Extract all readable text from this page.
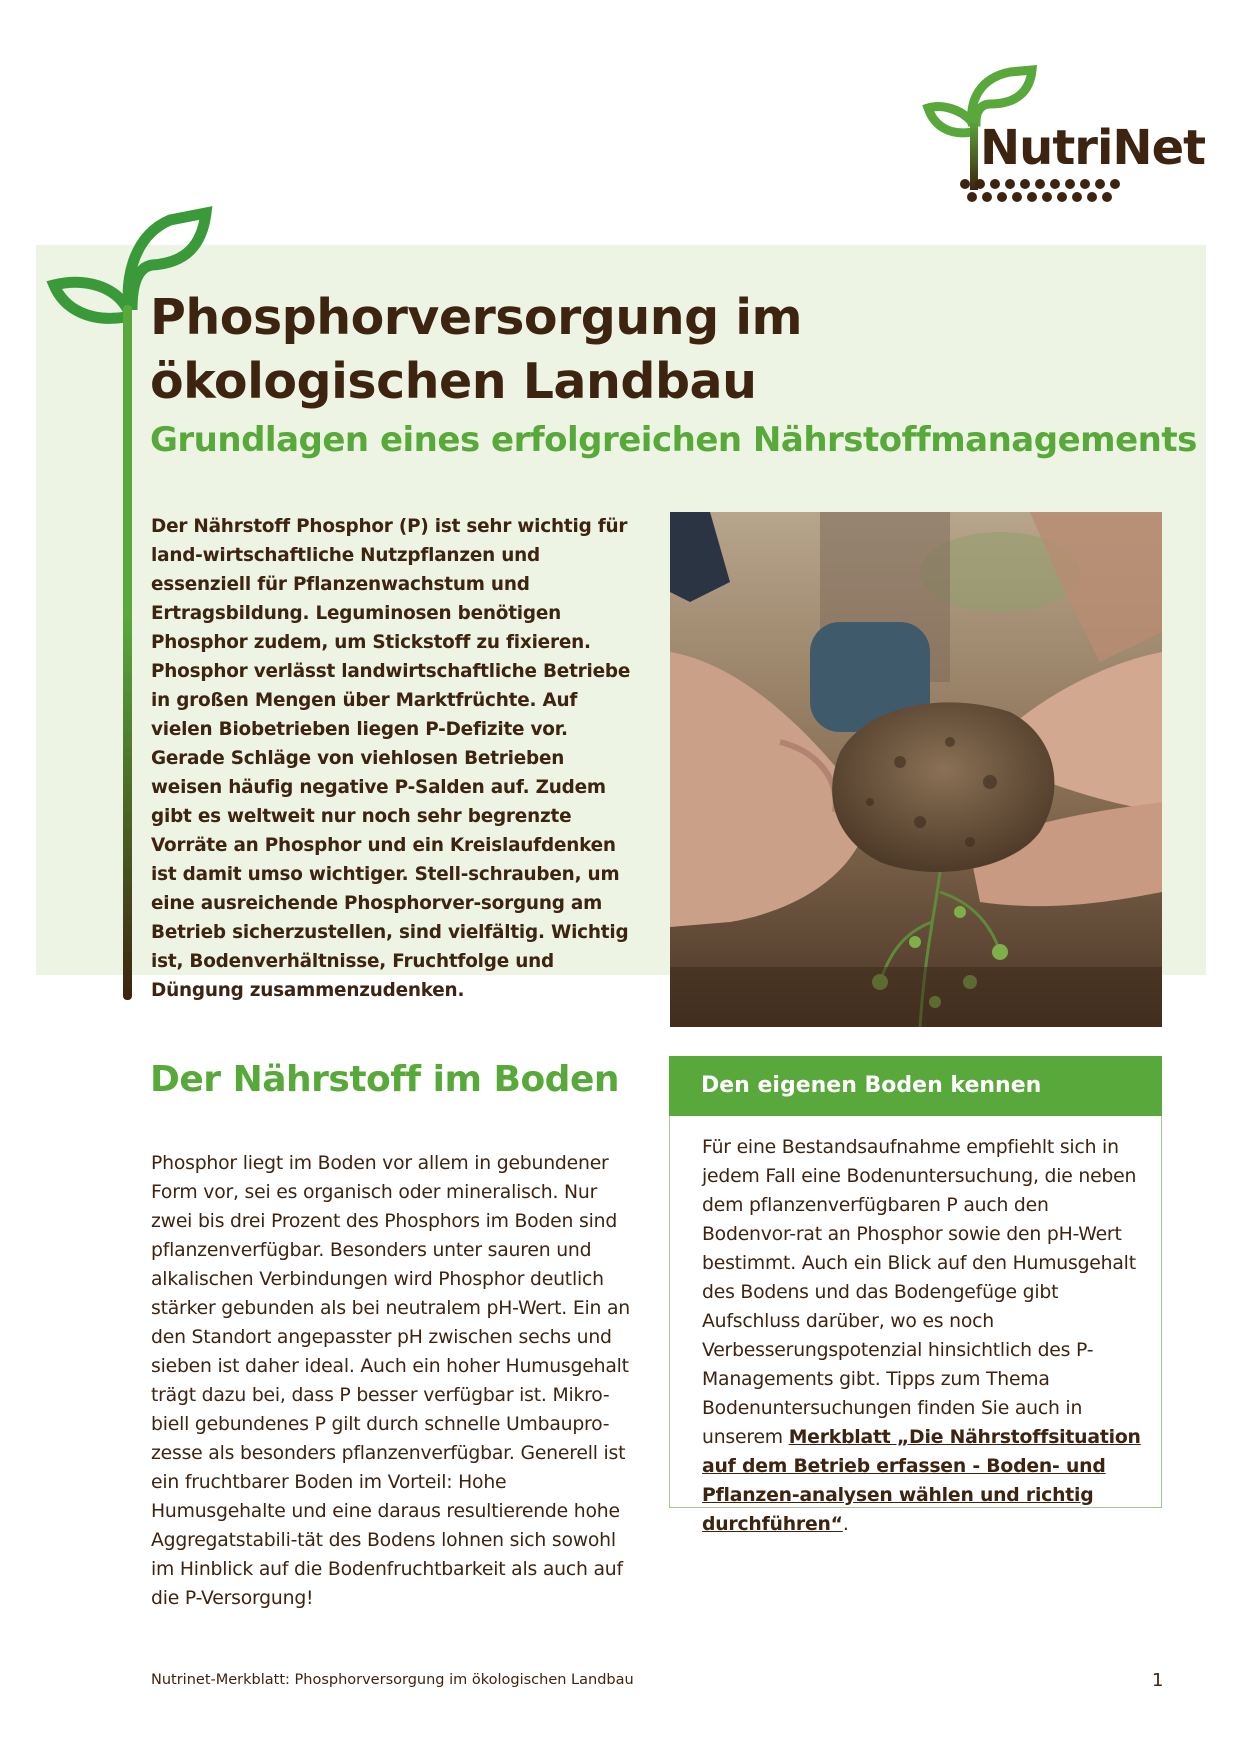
NutriNet
Phosphorversorgung im
ökologischen Landbau
Grundlagen eines erfolgreichen Nährstoffmanagements

Der Nährstoff Phosphor (P) ist sehr wichtig für land-wirtschaftliche Nutzpflanzen und essenziell für Pflanzenwachstum und Ertragsbildung. Leguminosen benötigen Phosphor zudem, um Stickstoff zu fixieren. Phosphor verlässt landwirtschaftliche Betriebe in großen Mengen über Marktfrüchte. Auf vielen Biobetrieben liegen P-Defizite vor. Gerade Schläge von viehlosen Betrieben weisen häufig negative P-Salden auf. Zudem gibt es weltweit nur noch sehr begrenzte Vorräte an Phosphor und ein Kreislaufdenken ist damit umso wichtiger. Stell-schrauben, um eine ausreichende Phosphorver-sorgung am Betrieb sicherzustellen, sind vielfältig. Wichtig ist, Bodenverhältnisse, Fruchtfolge und Düngung zusammenzudenken.

Der Nährstoff im Boden

Phosphor liegt im Boden vor allem in gebundener Form vor, sei es organisch oder mineralisch. Nur zwei bis drei Prozent des Phosphors im Boden sind pflanzenverfügbar. Besonders unter sauren und alkalischen Verbindungen wird Phosphor deutlich stärker gebunden als bei neutralem pH-Wert. Ein an den Standort angepasster pH zwischen sechs und sieben ist daher ideal. Auch ein hoher Humusgehalt trägt dazu bei, dass P besser verfügbar ist. Mikro-biell gebundenes P gilt durch schnelle Umbaupro-zesse als besonders pflanzenverfügbar. Generell ist ein fruchtbarer Boden im Vorteil: Hohe Humusgehalte und eine daraus resultierende hohe Aggregatstabili-tät des Bodens lohnen sich sowohl im Hinblick auf die Bodenfruchtbarkeit als auch auf die P-Versorgung!

Den eigenen Boden kennen

Für eine Bestandsaufnahme empfiehlt sich in jedem Fall eine Bodenuntersuchung, die neben dem pflanzenverfügbaren P auch den Bodenvor-rat an Phosphor sowie den pH-Wert bestimmt. Auch ein Blick auf den Humusgehalt des Bodens und das Bodengefüge gibt Aufschluss darüber, wo es noch Verbesserungspotenzial hinsichtlich des P-Managements gibt. Tipps zum Thema Bodenuntersuchungen finden Sie auch in unserem Merkblatt „Die Nährstoffsituation auf dem Betrieb erfassen - Boden- und Pflanzen-analysen wählen und richtig durchführen“.

Nutrinet-Merkblatt: Phosphorversorgung im ökologischen Landbau	1
